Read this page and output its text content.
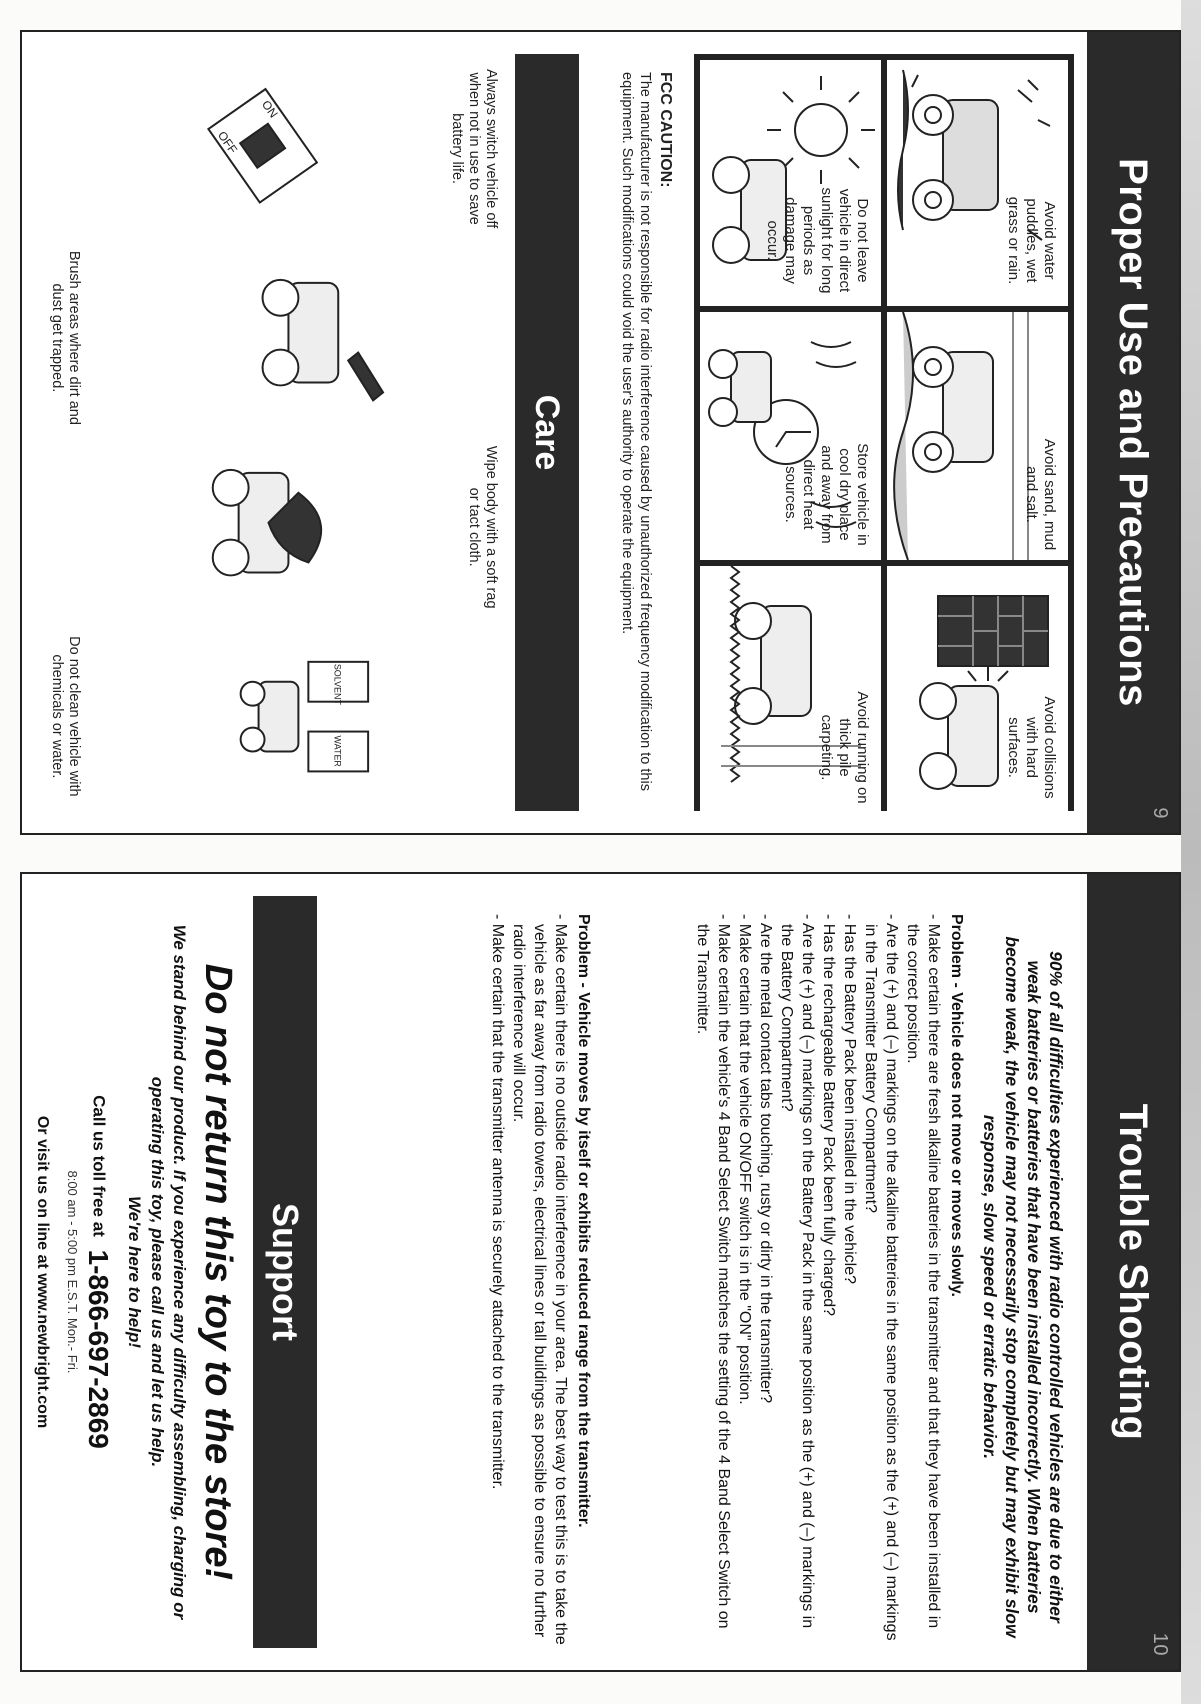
Proper Use and Precautions
9
Avoid water puddles, wet grass or rain.
Avoid sand, mud and salt.
Avoid collisions with hard surfaces.
Do not leave vehicle in direct sunlight for long periods as damage may occur.
Store vehicle in cool dry place and away from direct heat sources.
Avoid running on thick pile carpeting.
FCC CAUTION:
The manufacturer is not responsible for radio interference caused by unauthorized frequency modification to this equipment. Such modifications could void the user's authority to operate the equipment.
Care
ON
OFF	Always switch vehicle off when not in use to save battery life.
Brush areas where dirt and dust get trapped.
Wipe body with a soft rag or tact cloth.
SOLVENT
WATER
Do not clean vehicle with chemicals or water.
Trouble Shooting
10
90% of all difficulties experienced with radio controlled vehicles are due to either weak batteries or batteries that have been installed incorrectly. When batteries become weak, the vehicle may not necessarily stop completely but may exhibit slow response, slow speed or erratic behavior.
Problem - Vehicle does not move or moves slowly.
- Make certain there are fresh alkaline batteries in the transmitter and that they have been installed in the correct position.
- Are the (+) and (–) markings on the alkaline batteries in the same position as the (+) and (–) markings in the Transmitter Battery Compartment?
- Has the Battery Pack been installed in the vehicle?
- Has the rechargeable Battery Pack been fully charged?
- Are the (+) and (–) markings on the Battery Pack in the same position as the (+) and (–) markings in the Battery Compartment?
- Are the metal contact tabs touching, rusty or dirty in the transmitter?
- Make certain that the vehicle ON/OFF switch is in the "ON" position.
- Make certain the vehicle's 4 Band Select Switch matches the setting of the 4 Band Select Switch on the Transmitter.
Problem - Vehicle moves by itself or exhibits reduced range from the transmitter.
- Make certain there is no outside radio interference in your area. The best way to test this is to take the vehicle as far away from radio towers, electrical lines or tall buildings as possible to ensure no further radio interference will occur.
- Make certain that the transmitter antenna is securely attached to the transmitter.
Support
Do not return this toy to the store!
We stand behind our product. If you experience any difficulty assembling, charging or operating this toy, please call us and let us help.
We're here to help!
Call us toll free at 1-866-697-2869
8:00 am - 5:00 pm E.S.T. Mon.- Fri.
Or visit us on line at www.newbright.com
